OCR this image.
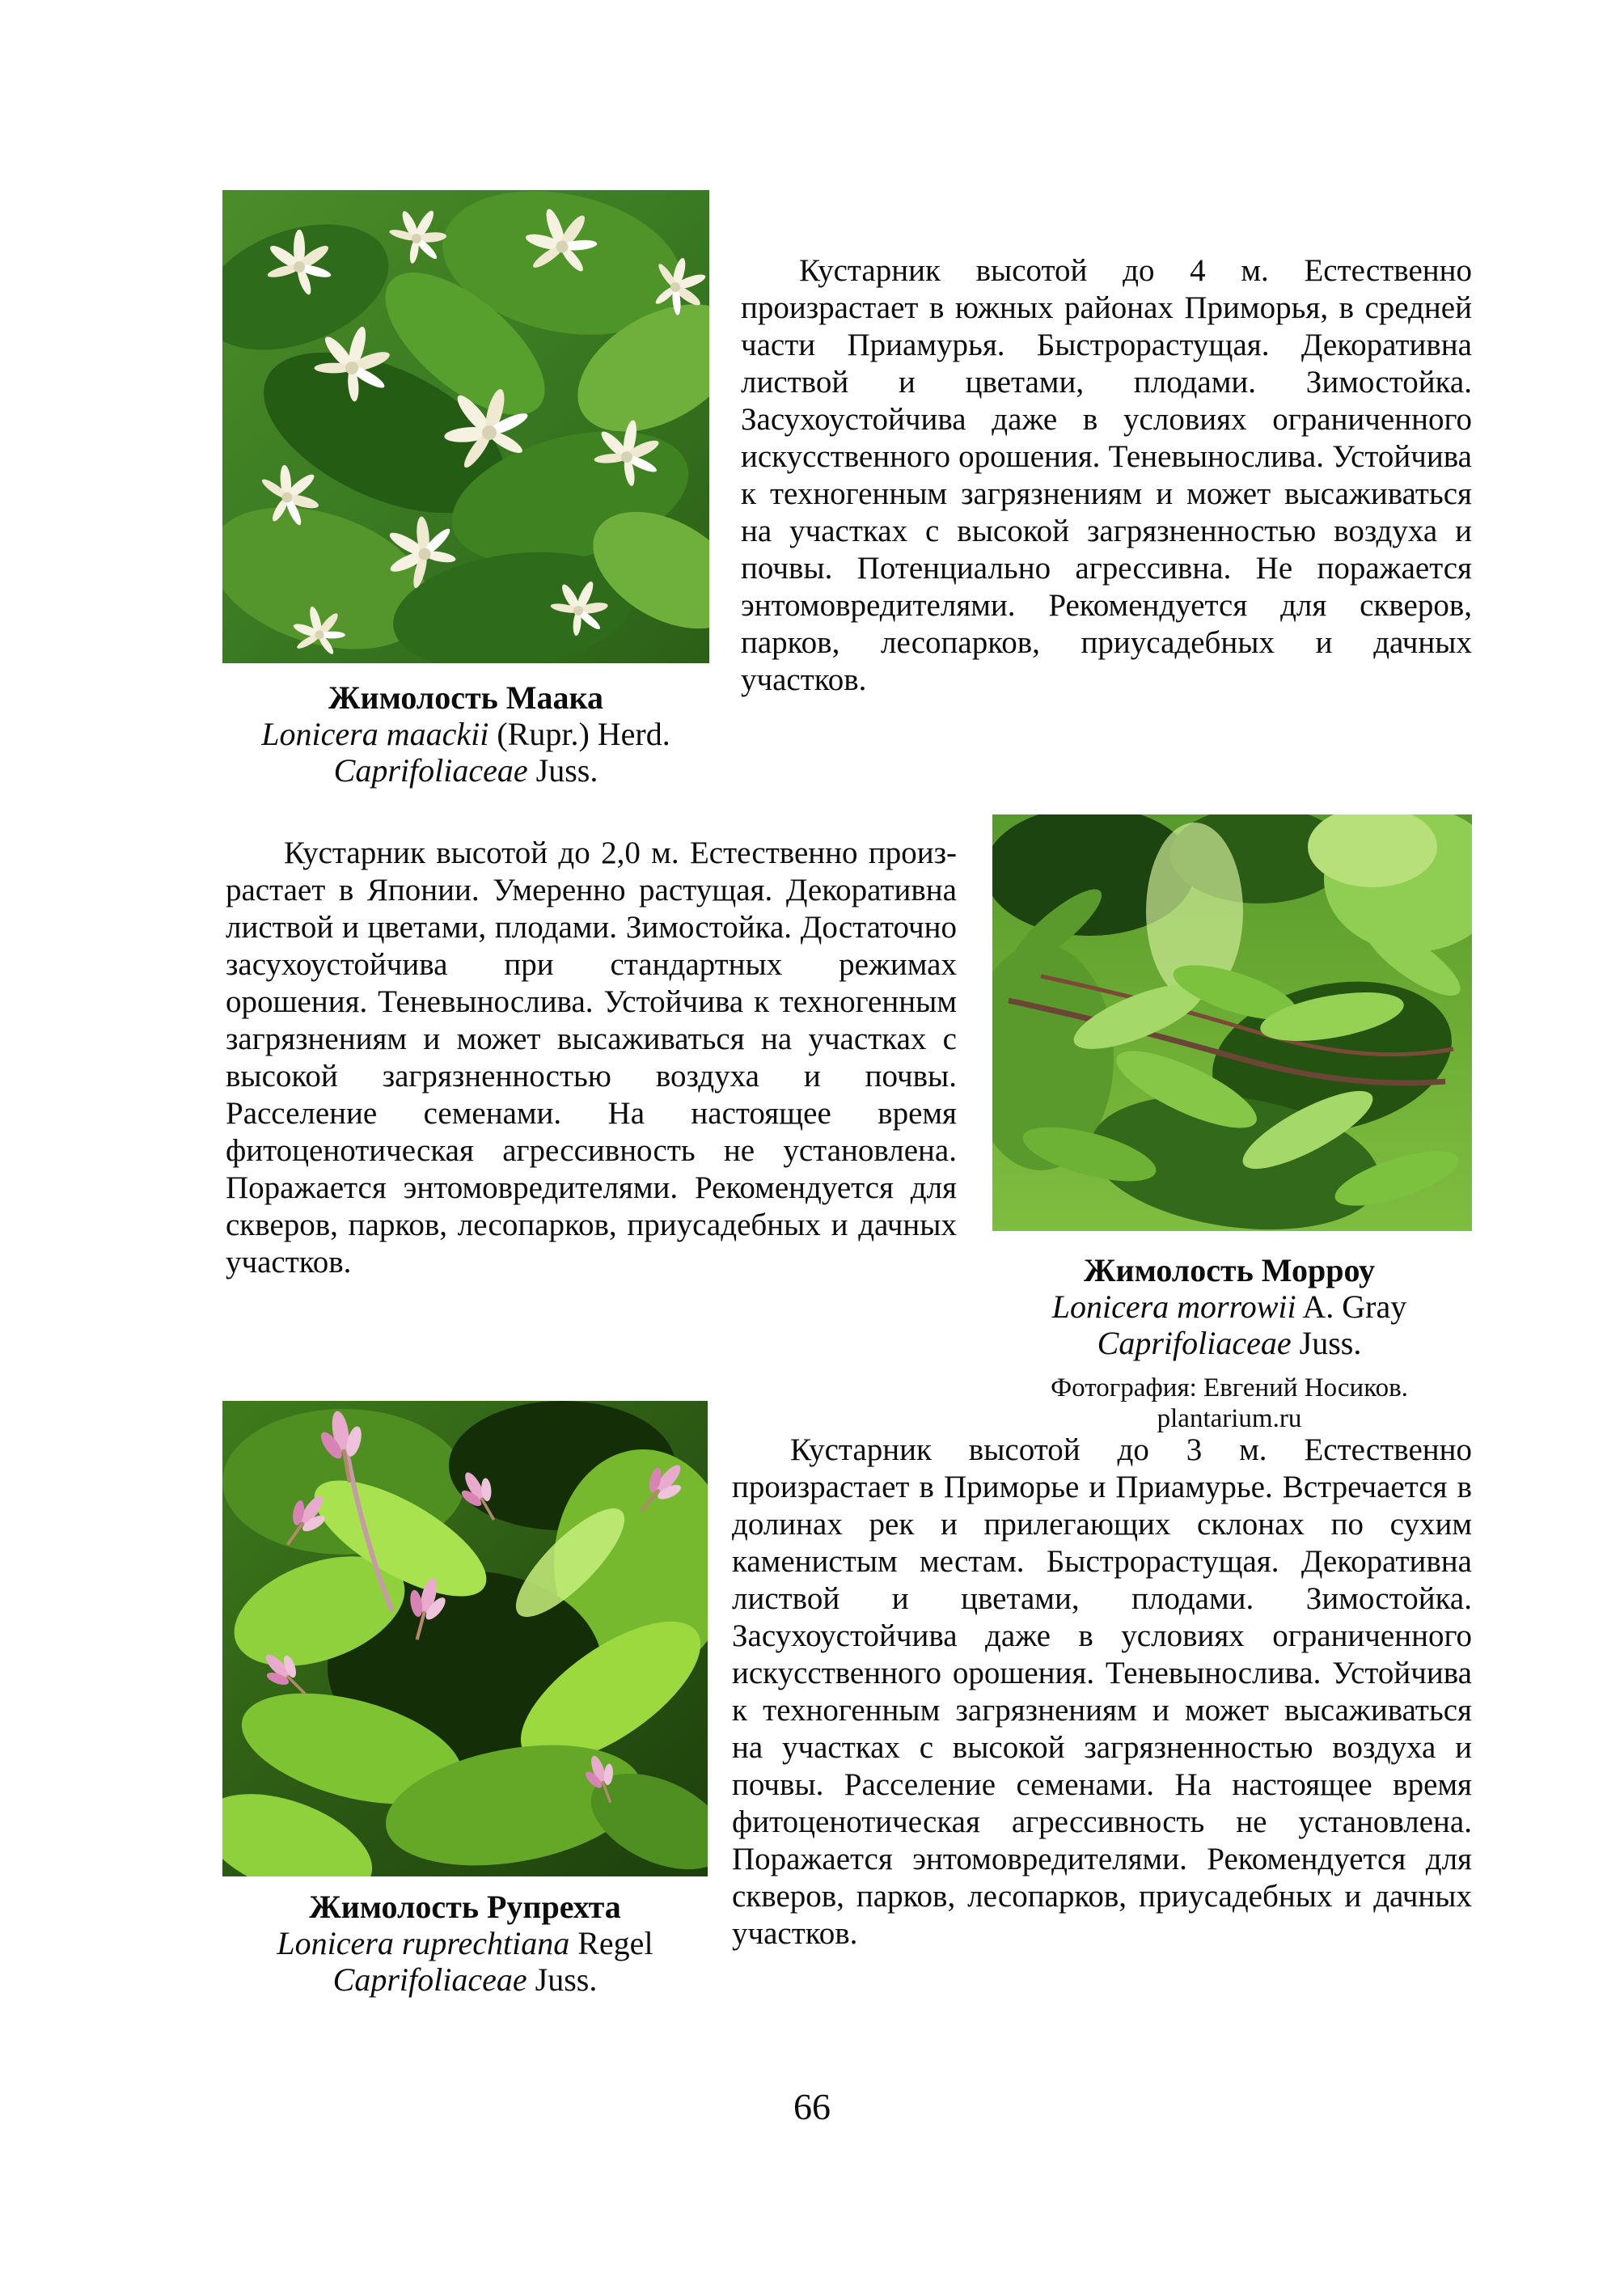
Кустарник высотой до 4 м. Естественно произрастает в южных районах Приморья, в средней части Приамурья. Быстрорастущая. Декоративна листвой и цветами, плодами. Зимостойка. Засухоустойчива даже в условиях ограниченного искусственного орошения. Теневынослива. Устойчива к техногенным загрязнениям и может высаживаться на участках с высокой загрязненностью воздуха и почвы. Потенциально агрессивна. Не поражается энтомовредителями. Рекомендуется для скверов, парков, лесопарков, приусадебных и дачных участков.

Жимолость Маака
Lonicera maackii (Rupr.) Herd.
Caprifoliaceae Juss.

Кустарник высотой до 2,0 м. Естественно произрастает в Японии. Умеренно растущая. Декоративна листвой и цветами, плодами. Зимостойка. Достаточно засухоустойчива при стандартных режимах орошения. Теневынослива. Устойчива к техногенным загрязнениям и может высаживаться на участках с высокой загрязненностью воздуха и почвы. Расселение семенами. На настоящее время фитоценотическая агрессивность не установлена. Поражается энтомовредителями. Рекомендуется для скверов, парков, лесопарков, приусадебных и дачных участков.	Жимолость Морроу
Lonicera morrowii A. Gray
Caprifoliaceae Juss.
Фотография: Евгений Носиков. plantarium.ru

Кустарник высотой до 3 м. Естественно произрастает в Приморье и Приамурье. Встречается в долинах рек и прилегающих склонах по сухим каменистым местам. Быстрорастущая. Декоративна листвой и цветами, плодами. Зимостойка. Засухоустойчива даже в условиях ограниченного искусственного орошения. Теневынослива. Устойчива к техногенным загрязнениям и может высаживаться на участках с высокой загрязненностью воздуха и почвы. Расселение семенами. На настоящее время фитоценотическая агрессивность не установлена. Поражается энтомовредителями. Рекомендуется для скверов, парков, лесопарков, приусадебных и дачных участков.

Жимолость Рупрехта
Lonicera ruprechtiana Regel
Caprifoliaceae Juss.
66
